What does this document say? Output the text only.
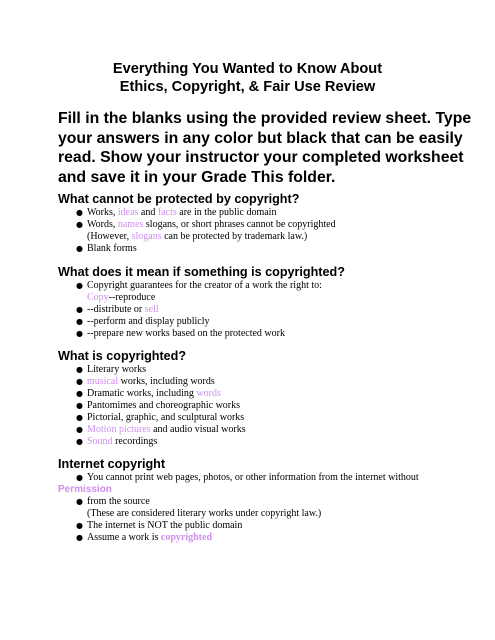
Everything You Wanted to Know About
Ethics, Copyright, & Fair Use Review
Fill in the blanks using the provided review sheet. Type your answers in any color but black that can be easily read. Show your instructor your completed worksheet and save it in your Grade This folder.
What cannot be protected by copyright?
● Works, ideas and facts are in the public domain
● Words, names slogans, or short phrases cannot be copyrighted
(However, slogans can be protected by trademark law.)
● Blank forms
What does it mean if something is copyrighted?
● Copyright guarantees for the creator of a work the right to:
Copy--reproduce
● --distribute or sell
● --perform and display publicly
● --prepare new works based on the protected work
What is copyrighted?
● Literary works
● musical works, including words
● Dramatic works, including words
● Pantomimes and choreographic works
● Pictorial, graphic, and sculptural works
● Motion pictures and audio visual works
● Sound recordings
Internet copyright
● You cannot print web pages, photos, or other information from the internet without
Permission
● from the source
(These are considered literary works under copyright law.)
● The internet is NOT the public domain
● Assume a work is copyrighted
